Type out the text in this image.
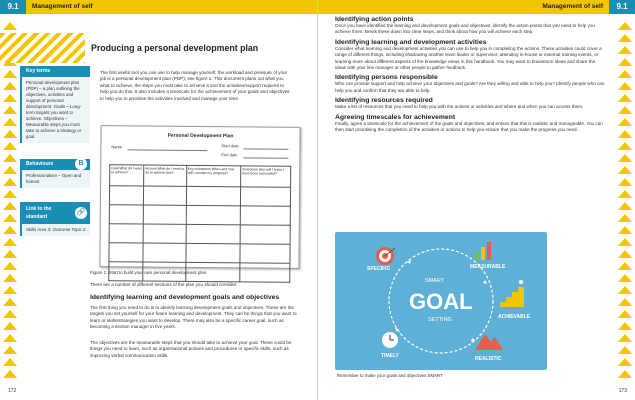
9.1	Management of self
Producing a personal development plan
Key terms
Personal development plan (PDP) – a plan outlining the objectives, activities and support of personal development. Goals – Long-term targets you want to achieve. Objectives – Measurable steps you must take to achieve a strategy or goal.
Behaviours	B
Professionalism – Open and honest
Link to the standard
🔗
Skills Area 3: Outcome Topic 2

The first useful tool you can use to help manage yourself, the workload and pressure of your job is a personal development plan (PDP); see figure 1. This document plans out what you what to achieve, the steps you must take to achieve it and the activities/support required to help you do this. It also includes a timescale for the achievement of your goals and objectives to help you to prioritise the activities involved and manage your time.

Personal Development Plan
Name	Start date
End date
Goal What do I want to achieve?	Actions What do I need to do to achieve this?	Key milestones When and how will I monitor my progress?	Outcomes How will I know I have been successful?

Figure 1: Start to build your own personal development plan

There are a number of different sections of the plan you should consider.

Identifying learning and development goals and objectives

The first thing you need to do is to identify learning development goals and objectives. These are the targets you set yourself for your future learning and development. They can be things that you want to learn or skills/strategies you want to develop. There may also be a specific career goal, such as becoming a section manager in five years.

The objectives are the measurable steps that you should take to achieve your goal. These could be things you need to learn, such as organisational policies and procedures or specific skills, such as improving verbal communication skills.

172
9.1
Management of self
Identifying action points

Once you have identified the learning and development goals and objectives, identify the action points that you need to help you achieve them. Break these down into clear steps, and think about how you will achieve each step.

Identifying learning and development activities

Consider what learning and development activities you can use to help you in completing the actions. These activities could cover a range of different things, including shadowing another team leader or supervisor, attending in-house or external training events, or learning more about different aspects of the knowledge areas in this handbook. You may want to brainstorm ideas and share the ideas with your line manager or other people to gather feedback.

Identifying persons responsible

Who can provide support and help achieve your objectives and goals? Are they willing and able to help you? Identify people who can help you and confirm that they are able to help.

Identifying resources required

Make a list of resources that you need to help you with the actions or activities and where and when you can access them.

Agreeing timescales for achievement

Finally, agree a timescale for the achievement of the goals and objectives, and ensure that this is realistic and manageable. You can then start prioritising the completion of the activities or actions to help you ensure that you make the progress you need.

173
SPECIFIC	MEASURABLE
SMART
GOAL
SETTING	ACHIEVABLE
TIMELY	REALISTIC
Remember to make your goals and objectives SMART
